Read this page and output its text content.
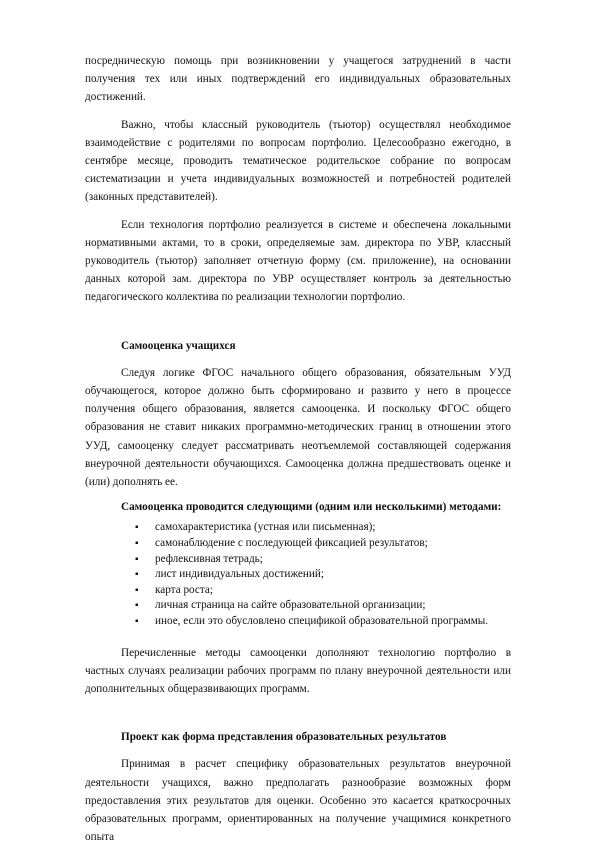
посредническую помощь при возникновении у учащегося затруднений в части получения тех или иных подтверждений его индивидуальных образовательных достижений.

Важно, чтобы классный руководитель (тьютор) осуществлял необходимое взаимодействие с родителями по вопросам портфолио. Целесообразно ежегодно, в сентябре месяце, проводить тематическое родительское собрание по вопросам систематизации и учета индивидуальных возможностей и потребностей родителей (законных представителей).

Если технология портфолио реализуется в системе и обеспечена локальными нормативными актами, то в сроки, определяемые зам. директора по УВР, классный руководитель (тьютор) заполняет отчетную форму (см. приложение), на основании данных которой зам. директора по УВР осуществляет контроль за деятельностью педагогического коллектива по реализации технологии портфолио.

Самооценка учащихся

Следуя логике ФГОС начального общего образования, обязательным УУД обучающегося, которое должно быть сформировано и развито у него в процессе получения общего образования, является самооценка. И поскольку ФГОС общего образования не ставит никаких программно-методических границ в отношении этого УУД, самооценку следует рассматривать неотъемлемой составляющей содержания внеурочной деятельности обучающихся. Самооценка должна предшествовать оценке и (или) дополнять ее.

Самооценка проводится следующими (одним или несколькими) методами:

▪ самохарактеристика (устная или письменная);
▪ самонаблюдение с последующей фиксацией результатов;
▪ рефлексивная тетрадь;
▪ лист индивидуальных достижений;
▪ карта роста;
▪ личная страница на сайте образовательной организации;
▪ иное, если это обусловлено спецификой образовательной программы.

Перечисленные методы самооценки дополняют технологию портфолио в частных случаях реализации рабочих программ по плану внеурочной деятельности или дополнительных общеразвивающих программ.

Проект как форма представления образовательных результатов

Принимая в расчет специфику образовательных результатов внеурочной деятельности учащихся, важно предполагать разнообразие возможных форм предоставления этих результатов для оценки. Особенно это касается краткосрочных образовательных программ, ориентированных на получение учащимися конкретного опыта
